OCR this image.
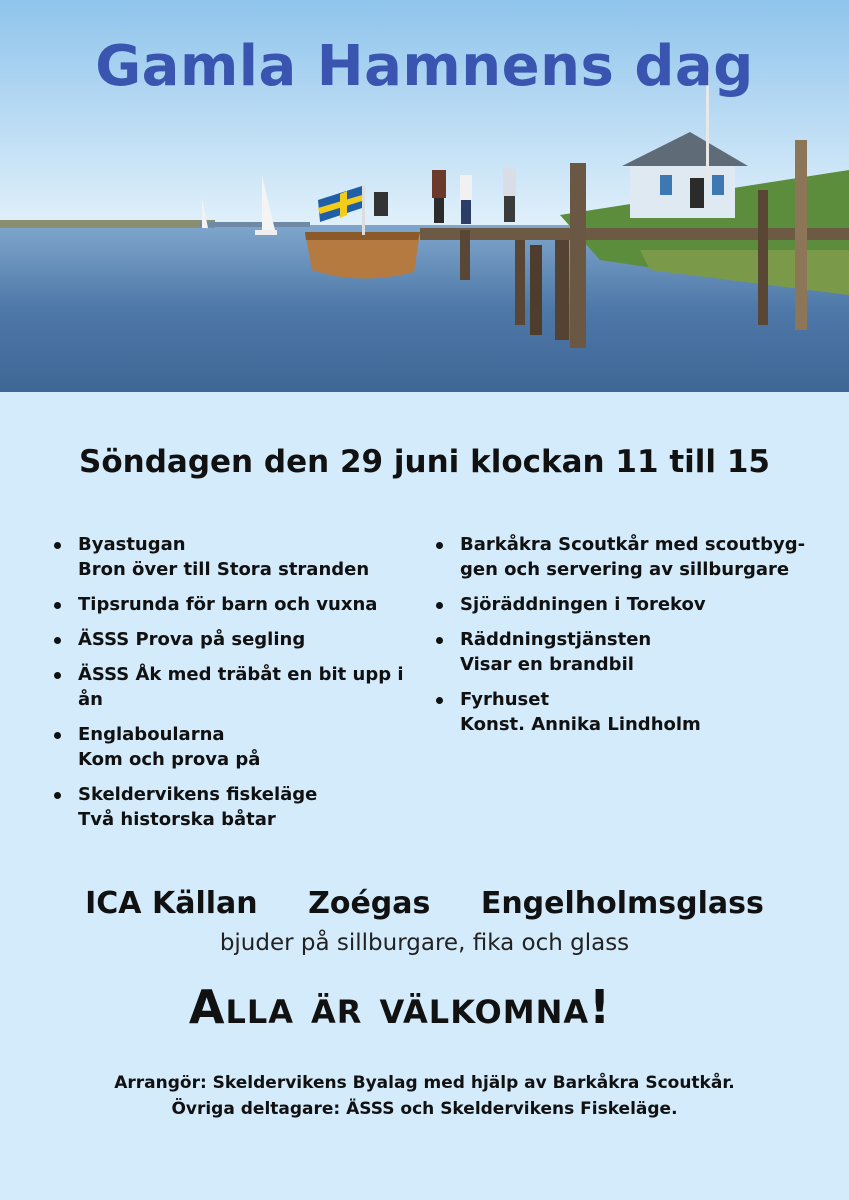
Gamla Hamnens dag
Söndagen den 29 juni klockan 11 till 15
Byastugan
Bron över till Stora stranden
Tipsrunda för barn och vuxna
ÄSSS Prova på segling
ÄSSS Åk med träbåt en bit upp i ån
Englaboularna
Kom och prova på
Skeldervikens fiskeläge
Två historska båtar
Barkåkra Scoutkår med scoutbyg-
gen och servering av sillburgare
Sjöräddningen i Torekov
Räddningstjänsten
Visar en brandbil
Fyrhuset
Konst. Annika Lindholm
ICA Källan Zoégas Engelholmsglass
bjuder på sillburgare, fika och glass
Alla är välkomna!
Arrangör: Skeldervikens Byalag med hjälp av Barkåkra Scoutkår.
Övriga deltagare: ÄSSS och Skeldervikens Fiskeläge.
